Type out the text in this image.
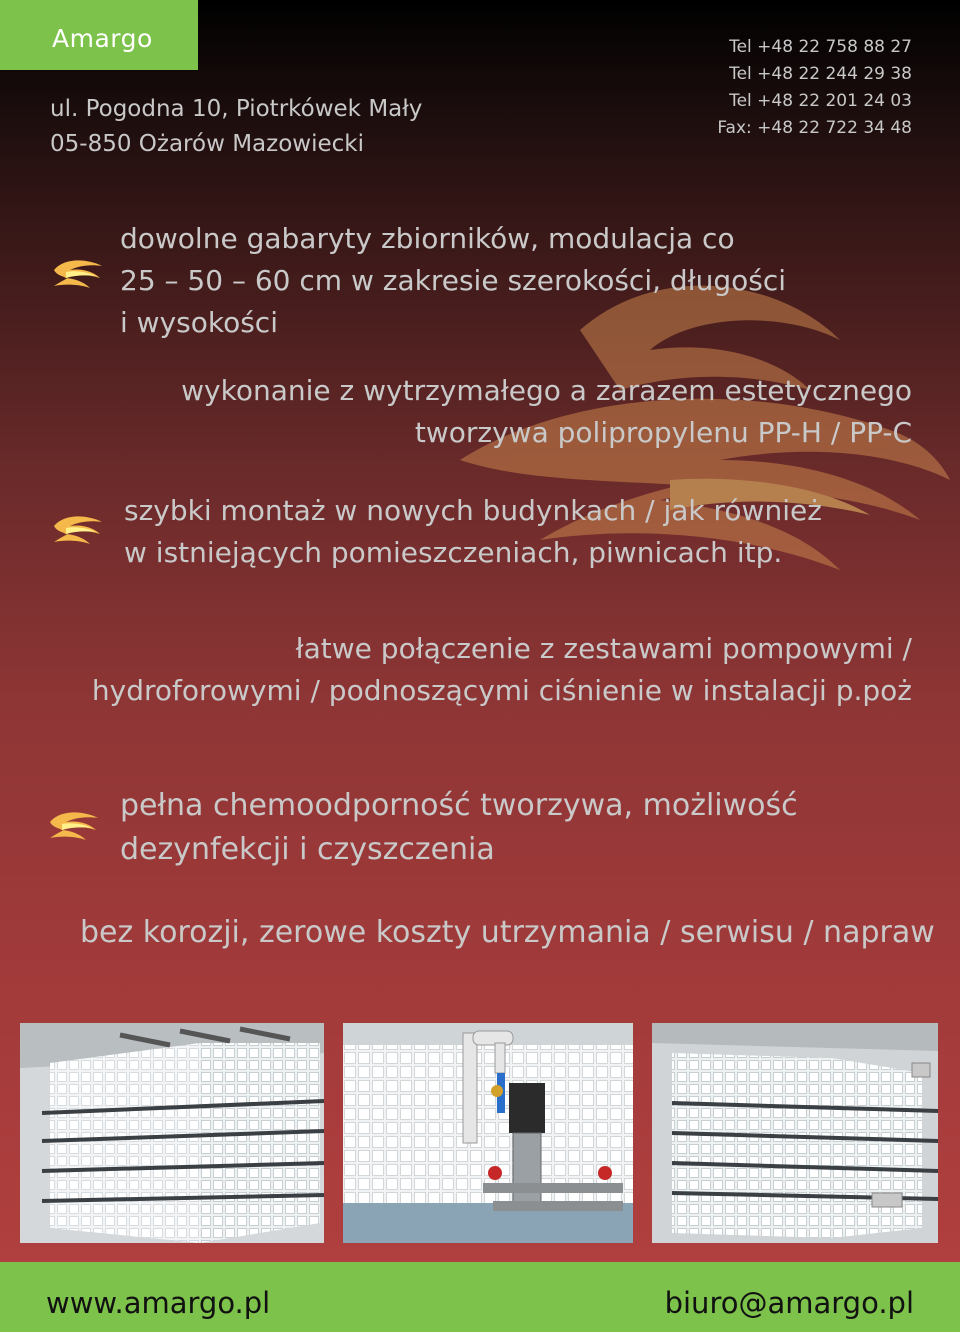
Amargo
ul. Pogodna 10, Piotrkówek Mały
05-850 Ożarów Mazowiecki
Tel +48 22 758 88 27
Tel +48 22 244 29 38
Tel +48 22 201 24 03
Fax: +48 22 722 34 48
dowolne gabaryty zbiorników, modulacja co
25 – 50 – 60 cm w zakresie szerokości, długości
i wysokości
wykonanie z wytrzymałego a zarazem estetycznego
tworzywa polipropylenu PP-H / PP-C
szybki montaż w nowych budynkach / jak również
w istniejących pomieszczeniach, piwnicach itp.
łatwe połączenie z zestawami pompowymi /
hydroforowymi / podnoszącymi ciśnienie w instalacji p.poż
pełna chemoodporność tworzywa, możliwość
dezynfekcji i czyszczenia
bez korozji, zerowe koszty utrzymania / serwisu / napraw
www.amargo.pl	biuro@amargo.pl
